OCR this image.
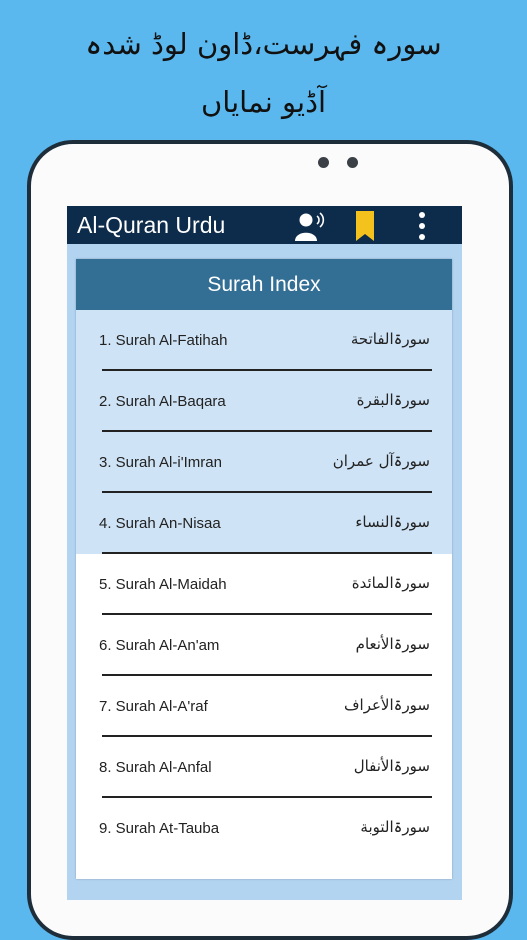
سورہ فہرست،ڈاون لوڈ شدہ
آڈیو نمایاں
Al-Quran Urdu
Surah Index
1. Surah Al-Fatihah	سورۃالفاتحة
2. Surah Al-Baqara	سورۃالبقرة
3. Surah Al-i'Imran	سورۃآل عمران
4. Surah An-Nisaa	سورۃالنساء
5. Surah Al-Maidah	سورۃالمائدة
6. Surah Al-An'am	سورۃالأنعام
7. Surah Al-A'raf	سورۃالأعراف
8. Surah Al-Anfal	سورۃالأنفال
9. Surah At-Tauba	سورۃالتوبة
